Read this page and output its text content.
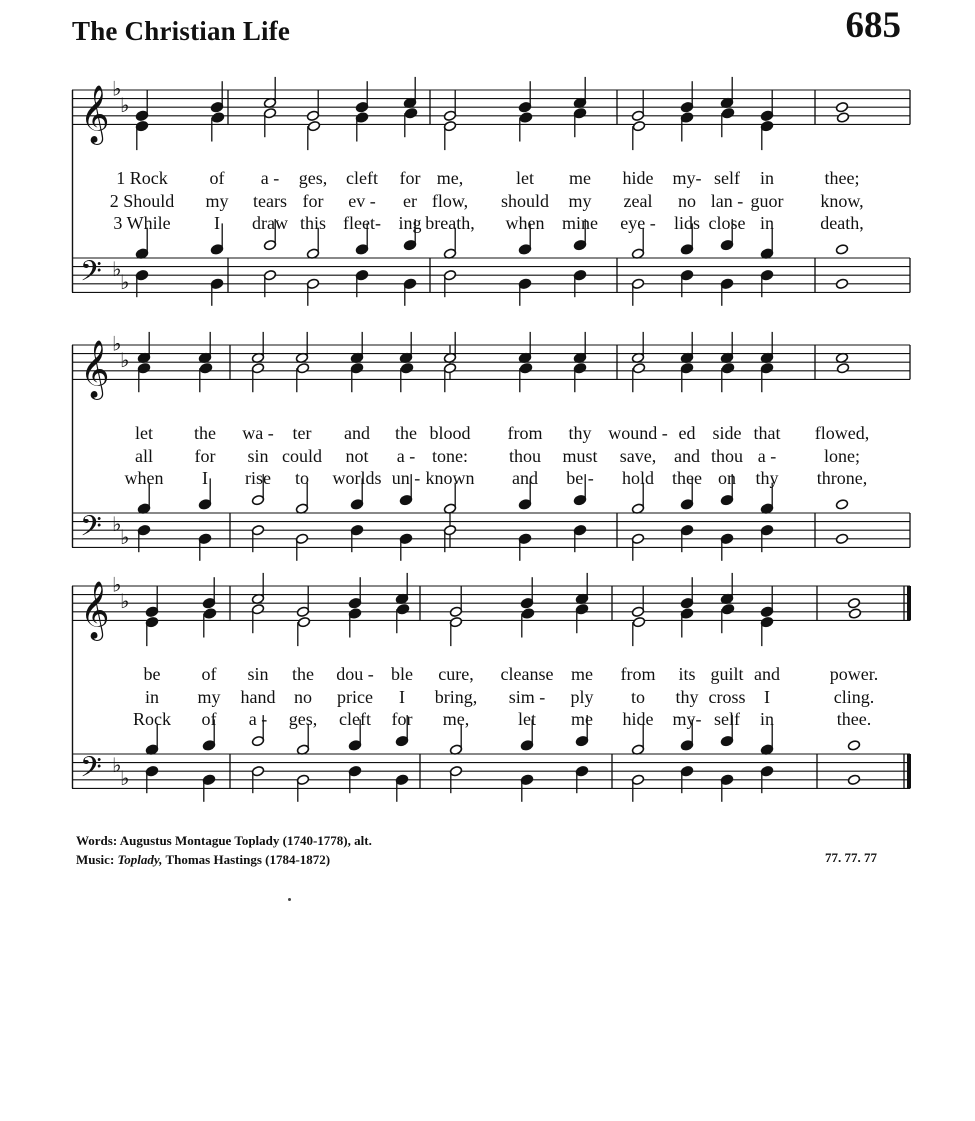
The Christian Life	685
𝄞
𝄢
♭
♭
♭
♭
1 Rock of a - ges, cleft for me,	let me hide my- self in	thee;
2 Should my tears for ev - er flow, should my zeal no lan - guor know,
3 While I draw this fleet- ing breath, when mine eye - lids close in	death,
𝄞
𝄢
♭
♭
♭
♭
let the wa - ter and the blood from thy wound - ed side that flowed,
all for sin could not a - tone: thou must save, and thou a -	lone;
when I rise to worlds un - known and be - hold thee on thy throne,
𝄞
𝄢
♭
♭
♭
♭
be of sin the dou - ble cure, cleanse me from its guilt and	power.
in my hand no price I bring, sim - ply to thy cross I	cling.
Rock of a - ges, cleft for me,	let me hide my- self in	thee.
Words: Augustus Montague Toplady (1740-1778), alt.
Music: Toplady, Thomas Hastings (1784-1872)	77. 77. 77
